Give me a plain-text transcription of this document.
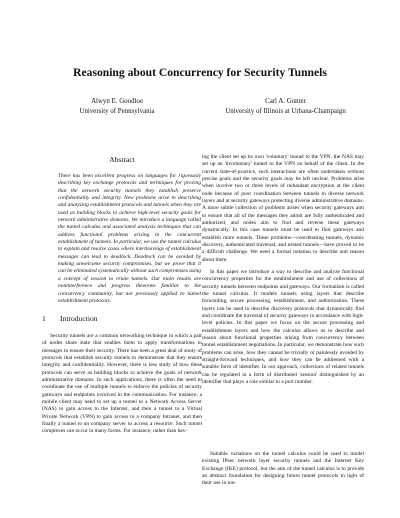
Reasoning about Concurrency for Security Tunnels
Alwyn E. Goodloe
University of Pennsylvania
Carl A. Gunter
University of Illinois at Urbana-Champaign
Abstract
There has been excellent progress on languages for rigorously describing key exchange protocols and techniques for proving that the network security tunnels they establish preserve confidentiality and integrity. New problems arise in describing and analyzing establishment protocols and tunnels when they are used as building blocks to achieve high-level security goals for network administrative domains. We introduce a language called the tunnel calculus and associated analysis techniques that can address functional problems arising in the concurrent establishment of tunnels. In particular, we use the tunnel calculus to explain and resolve cases where interleavings of establishment messages can lead to deadlock. Deadlock can be avoided by making unwelcome security compromises, but we prove that it can be eliminated systematically without such compromises using a concept of session to relate tunnels. Our main results are noninterference and progress theorems familiar to the concurrency community, but not previously applied to tunnel establishment protocols.
1 Introduction
Security tunnels are a common networking technique in which a pair of nodes share state that enables them to apply transformations to messages to ensure their security. There has been a great deal of study of protocols that establish security tunnels to demonstrate that they ensure integrity and confidentiality. However, there is less study of how these protocols can serve as building blocks to achieve the goals of network administrative domains. In such applications, there is often the need to coordinate the use of multiple tunnels to enforce the policies of security gateways and endpoints involved in the communication. For instance, a mobile client may need to set up a tunnel to a Network Access Server (NAS) to gain access to the Internet, and then a tunnel to a Virtual Private Network (VPN) to gain access to a company Intranet, and then finally a tunnel to an company server to access a resource. Such tunnel complexes can occur in many forms. For instance, rather than hav-
ing the client set up its own 'voluntary' tunnel to the VPN, the NAS may set up an 'involuntary' tunnel to the VPN on behalf of the client. In the current state-of-practice, such interactions are often undertaken without precise goals and the security goals may be left unclear. Problems arise when involve two or three levels of redundant encryption at the client node because of poor coordination between tunnels in diverse network layers and at security gateways protecting diverse administrative domains. A more subtle collection of problems arises when security gateways aim to ensure that all of the messages they admit are fully authenticated and authorized, and nodes aim to find and reverse these gateways dynamically. In this case tunnels must be used to find gateways and establish more tunnels. These problems—coordinating tunnels, dynamic discovery, authenticated traversal, and nested tunnels—have proved to be a difficult challenge. We need a formal notation to describe and reason about them.
In this paper we introduce a way to describe and analyze functional concurrency properties for the establishment and use of collections of security tunnels between endpoints and gateways. Our formalism is called the tunnel calculus. It models tunnels using layers that describe forwarding, secure processing, establishment, and authorization. These layers can be used to describe discovery protocols that dynamically find and coordinate the traversal of security gateways in accordance with high-level policies. In this paper we focus on the secure processing and establishment layers and how the calculus allows us to describe and reason about functional properties arising from concurrency between tunnel establishment negotiations. In particular, we demonstrate how such problems can arise, how they cannot be trivially or painlessly avoided by straight-forward techniques, and how they can be addressed with a suitable form of identifier. In our approach, collections of related tunnels can be regulated in a form of distributed 'session' distinguished by an identifier that plays a role similar to a port number.
Suitable variations on the tunnel calculus could be used to model existing IPsec network layer security tunnels and the Internet Key Exchange (IKE) protocol, but the aim of the tunnel calculus is to provide an abstract foundation for designing future tunnel protocols in light of their use in tun-
